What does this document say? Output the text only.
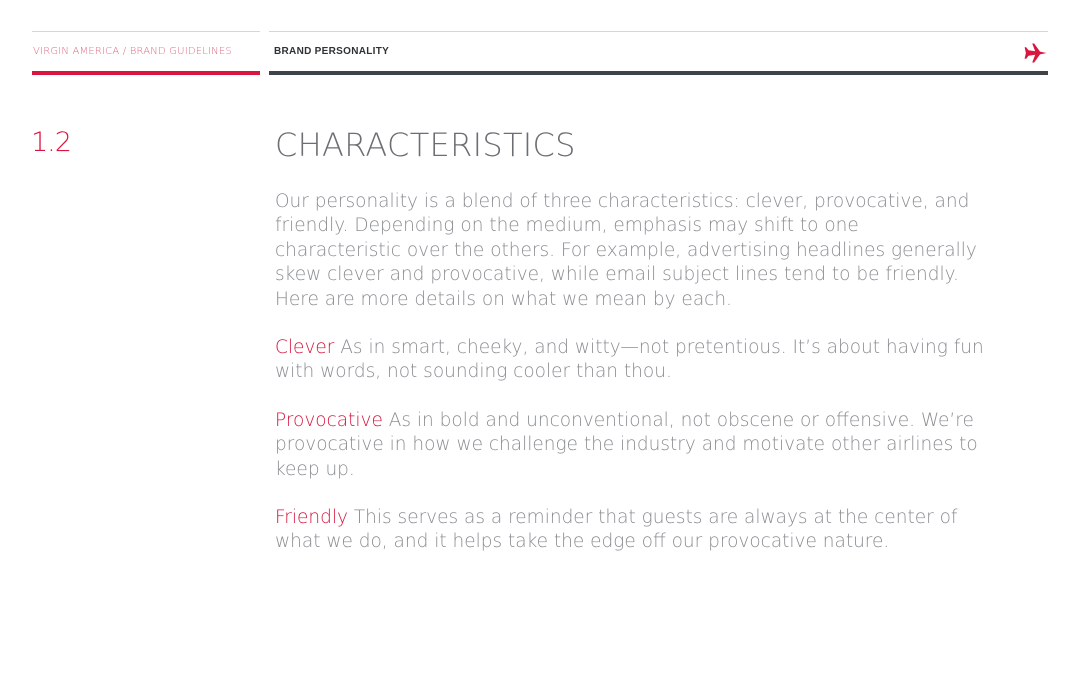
VIRGIN AMERICA / BRAND GUIDELINES	BRAND PERSONALITY
1.2	CHARACTERISTICS

Our personality is a blend of three characteristics: clever, provocative, and friendly. Depending on the medium, emphasis may shift to one characteristic over the others. For example, advertising headlines generally skew clever and provocative, while email subject lines tend to be friendly. Here are more details on what we mean by each.

Clever As in smart, cheeky, and witty—not pretentious. It’s about having fun with words, not sounding cooler than thou.

Provocative As in bold and unconventional, not obscene or offensive. We’re provocative in how we challenge the industry and motivate other airlines to keep up.

Friendly This serves as a reminder that guests are always at the center of what we do, and it helps take the edge off our provocative nature.
